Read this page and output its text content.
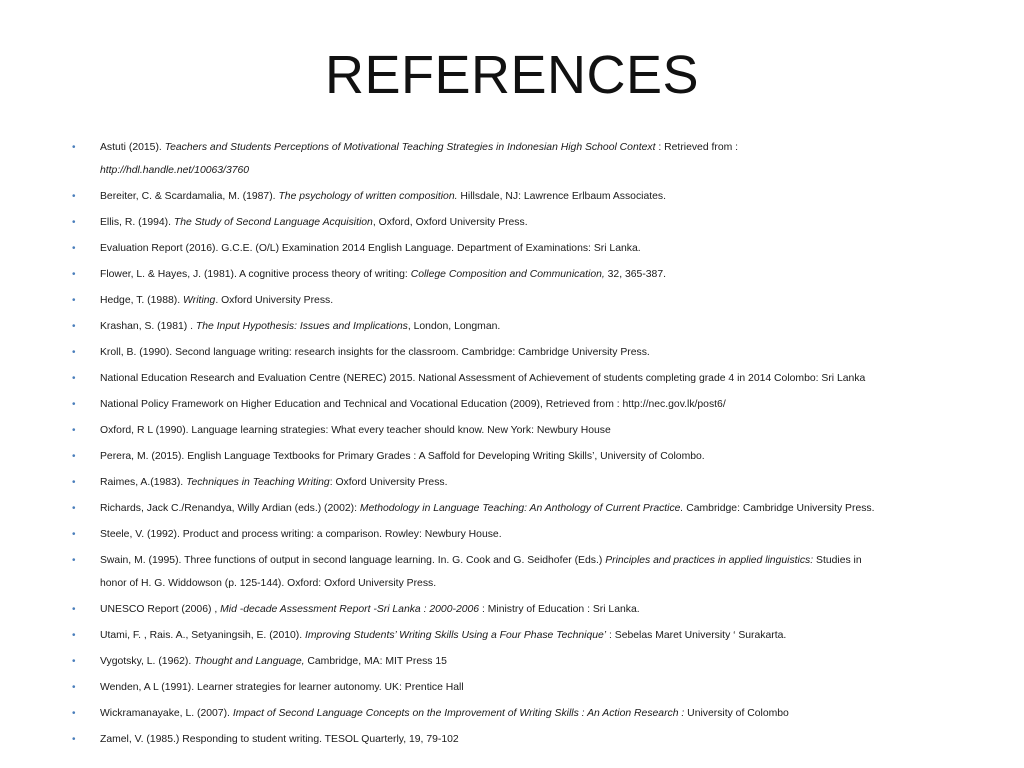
REFERENCES
• Astuti (2015). Teachers and Students Perceptions of Motivational Teaching Strategies in Indonesian High School Context : Retrieved from :
http://hdl.handle.net/10063/3760
• Bereiter, C. & Scardamalia, M. (1987). The psychology of written composition. Hillsdale, NJ: Lawrence Erlbaum Associates.
• Ellis, R. (1994). The Study of Second Language Acquisition, Oxford, Oxford University Press.
• Evaluation Report (2016). G.C.E. (O/L) Examination 2014 English Language. Department of Examinations: Sri Lanka.
• Flower, L. & Hayes, J. (1981). A cognitive process theory of writing: College Composition and Communication, 32, 365-387.
• Hedge, T. (1988). Writing. Oxford University Press.
• Krashan, S. (1981) . The Input Hypothesis: Issues and Implications, London, Longman.
• Kroll, B. (1990). Second language writing: research insights for the classroom. Cambridge: Cambridge University Press.
• National Education Research and Evaluation Centre (NEREC) 2015. National Assessment of Achievement of students completing grade 4 in 2014 Colombo: Sri Lanka
• National Policy Framework on Higher Education and Technical and Vocational Education (2009), Retrieved from : http://nec.gov.lk/post6/
• Oxford, R L (1990). Language learning strategies: What every teacher should know. New York: Newbury House
• Perera, M. (2015). English Language Textbooks for Primary Grades : A Saffold for Developing Writing Skills’, University of Colombo.
• Raimes, A.(1983). Techniques in Teaching Writing: Oxford University Press.
• Richards, Jack C./Renandya, Willy Ardian (eds.) (2002): Methodology in Language Teaching: An Anthology of Current Practice. Cambridge: Cambridge University Press.
• Steele, V. (1992). Product and process writing: a comparison. Rowley: Newbury House.
• Swain, M. (1995). Three functions of output in second language learning. In. G. Cook and G. Seidhofer (Eds.) Principles and practices in applied linguistics: Studies in
honor of H. G. Widdowson (p. 125-144). Oxford: Oxford University Press.
• UNESCO Report (2006) , Mid -decade Assessment Report -Sri Lanka : 2000-2006 : Ministry of Education : Sri Lanka.
• Utami, F. , Rais. A., Setyaningsih, E. (2010). Improving Students’ Writing Skills Using a Four Phase Technique’ : Sebelas Maret University ‘ Surakarta.
• Vygotsky, L. (1962). Thought and Language, Cambridge, MA: MIT Press 15
• Wenden, A L (1991). Learner strategies for learner autonomy. UK: Prentice Hall
• Wickramanayake, L. (2007). Impact of Second Language Concepts on the Improvement of Writing Skills : An Action Research : University of Colombo
• Zamel, V. (1985.) Responding to student writing. TESOL Quarterly, 19, 79-102
